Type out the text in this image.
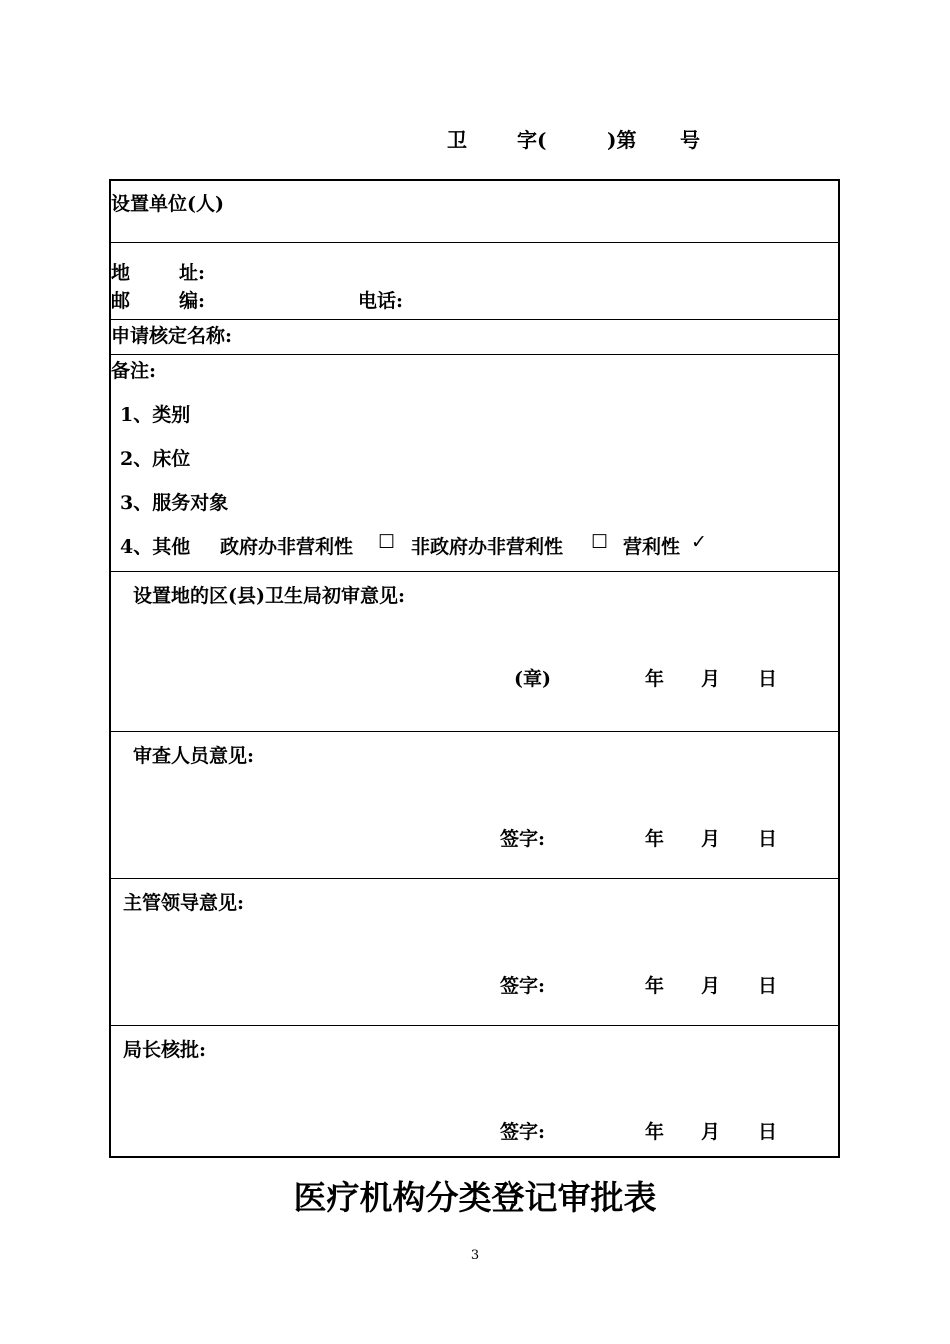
卫	字(	)第 号
设置单位(人)
地	址:
邮	编:	电话:
申请核定名称:
备注:
1、类别
2、床位
3、服务对象
4、其他 政府办非营利性 ☐ 非政府办非营利性 ☐ 营利性 ✓
设置地的区(县)卫生局初审意见:
(章)	年 月 日
审查人员意见:
签字:	年 月 日
主管领导意见:
签字:	年 月 日
局长核批:
签字:	年 月 日
医疗机构分类登记审批表
3
